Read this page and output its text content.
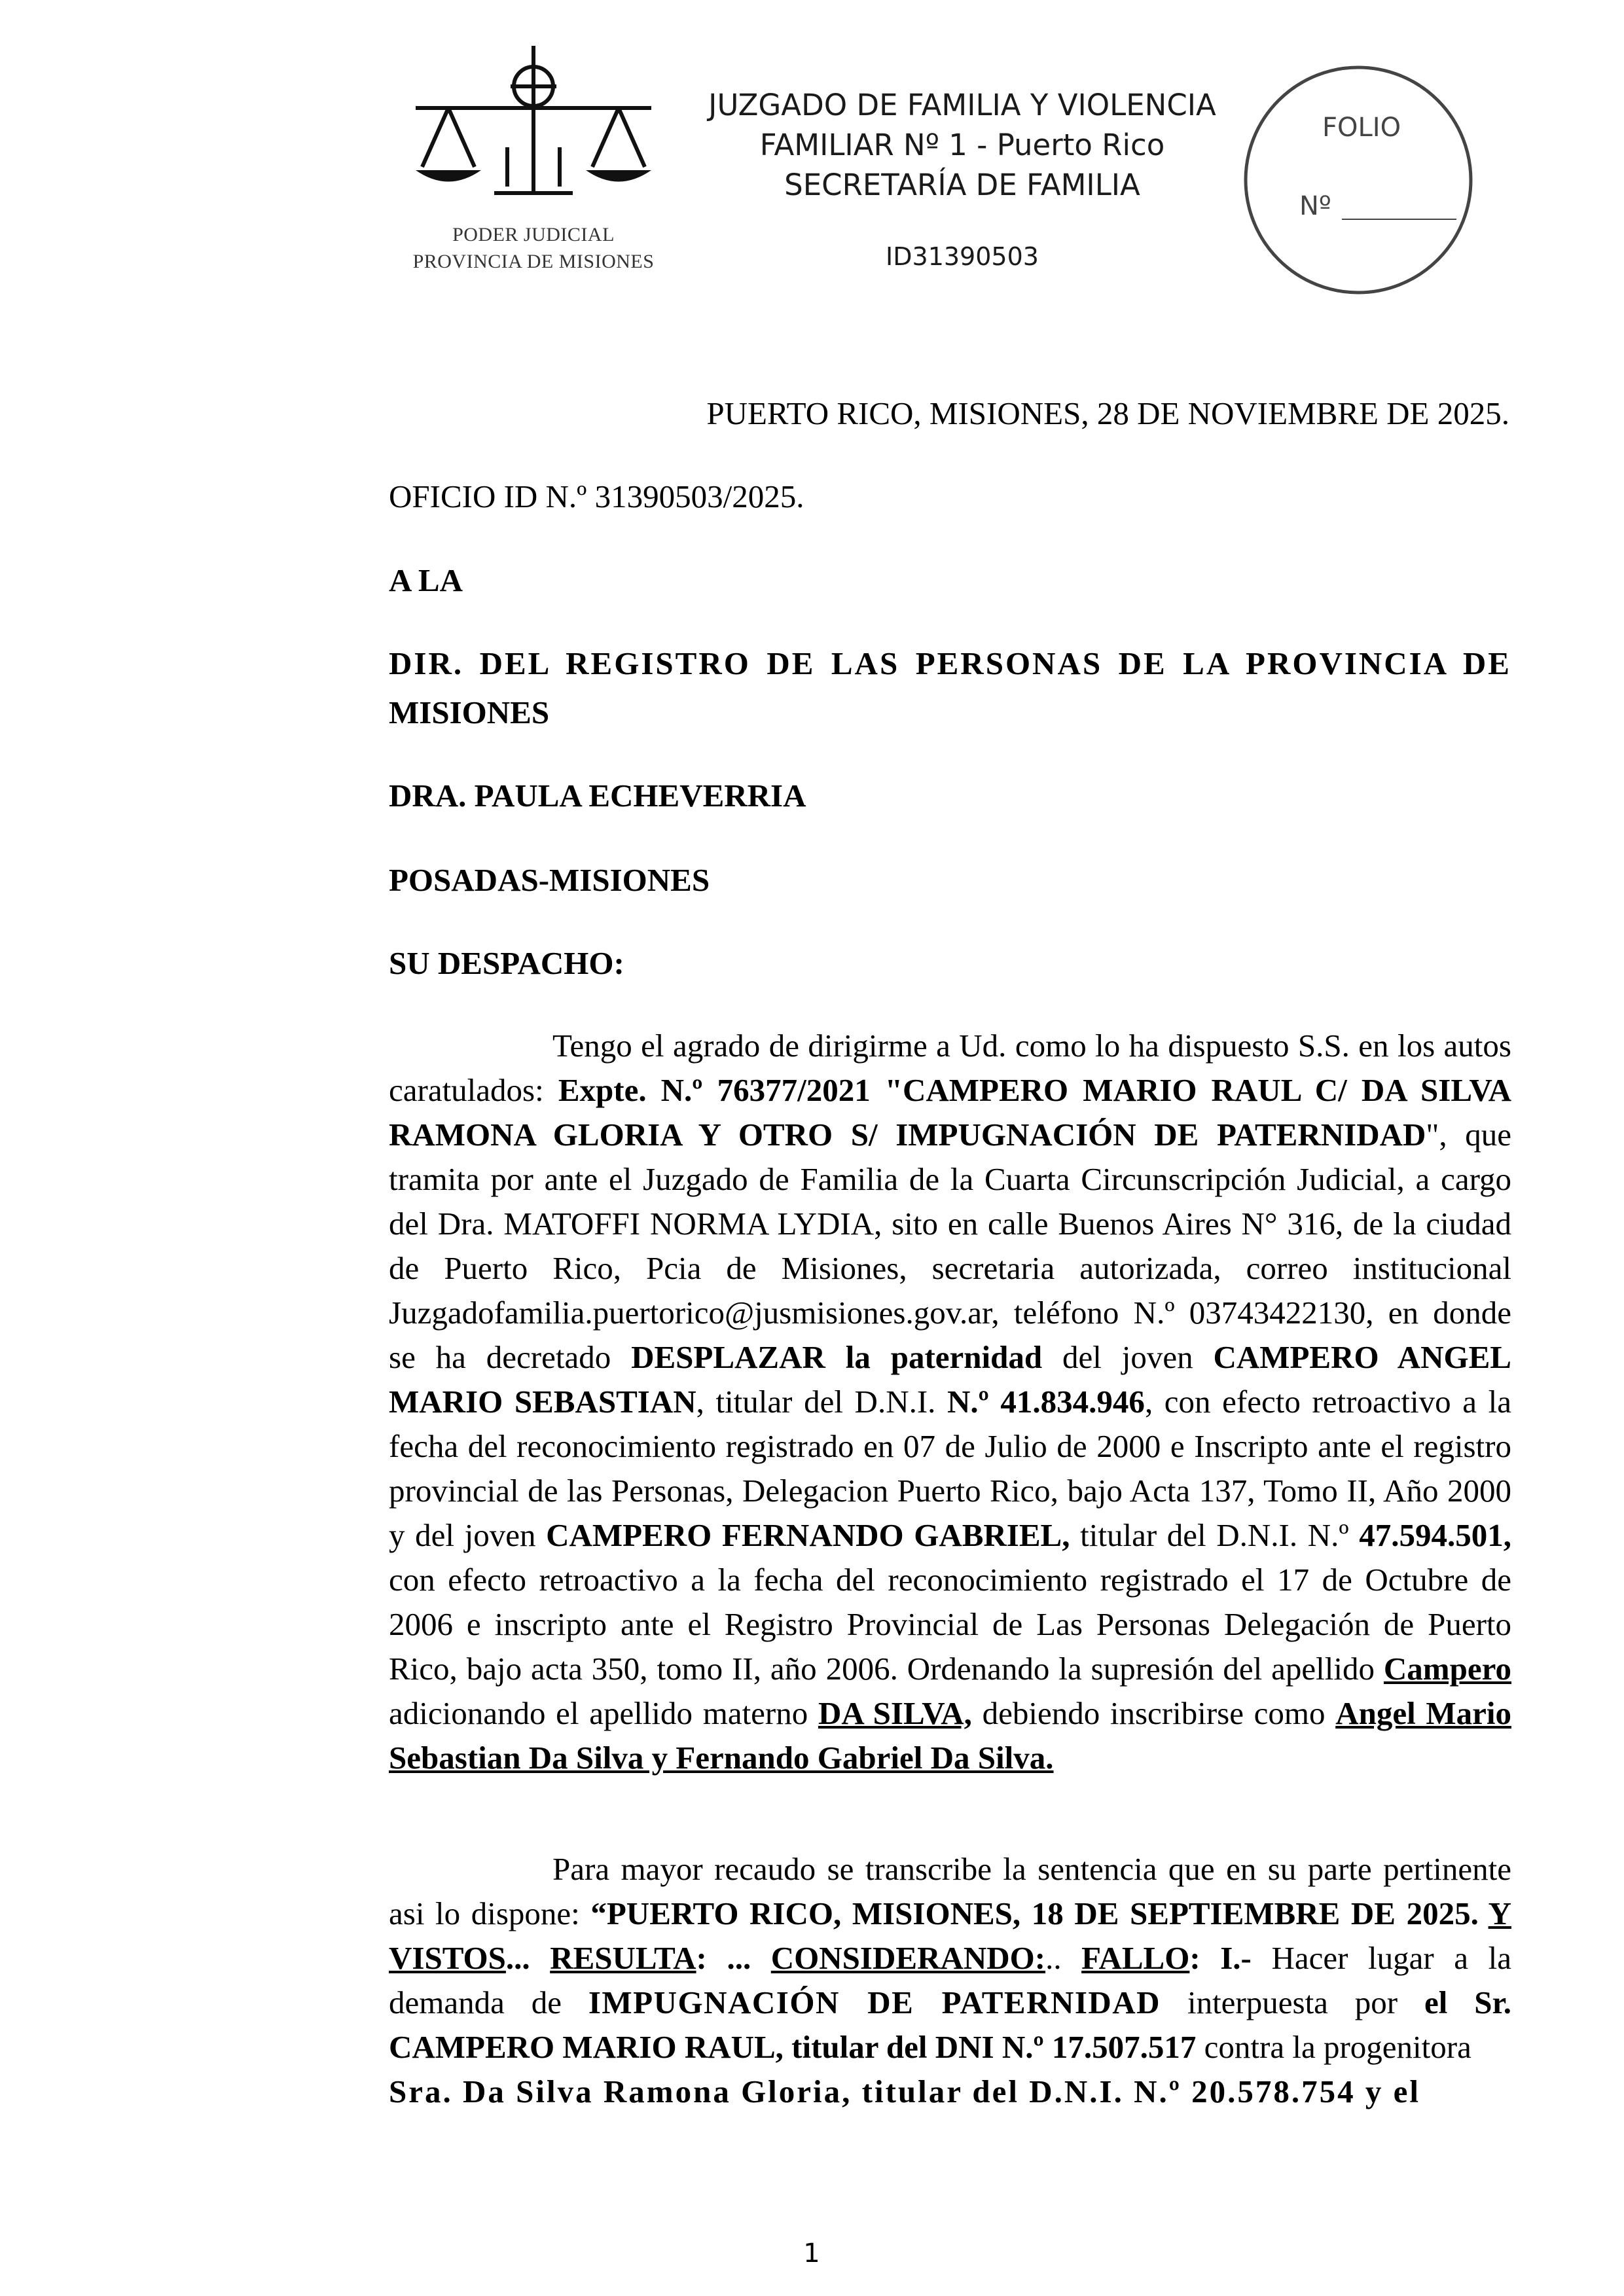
PODER JUDICIAL
PROVINCIA DE MISIONES
JUZGADO DE FAMILIA Y VIOLENCIA
FAMILIAR Nº 1 - Puerto Rico
SECRETARÍA DE FAMILIA
ID31390503
FOLIO
Nº
PUERTO RICO, MISIONES, 28 DE NOVIEMBRE DE 2025.
OFICIO ID N.º 31390503/2025.
A LA
DIR. DEL REGISTRO DE LAS PERSONAS DE LA PROVINCIA DE
MISIONES
DRA. PAULA ECHEVERRIA
POSADAS-MISIONES
SU DESPACHO:
Tengo el agrado de dirigirme a Ud. como lo ha dispuesto S.S. en los autos caratulados: Expte. N.º 76377/2021 "CAMPERO MARIO RAUL C/ DA SILVA RAMONA GLORIA Y OTRO S/ IMPUGNACIÓN DE PATERNIDAD", que tramita por ante el Juzgado de Familia de la Cuarta Circunscripción Judicial, a cargo del Dra. MATOFFI NORMA LYDIA, sito en calle Buenos Aires N° 316, de la ciudad de Puerto Rico, Pcia de Misiones, secretaria autorizada, correo institucional Juzgadofamilia.puertorico@jusmisiones.gov.ar, teléfono N.º 03743422130, en donde se ha decretado DESPLAZAR la paternidad del joven CAMPERO ANGEL MARIO SEBASTIAN, titular del D.N.I. N.º 41.834.946, con efecto retroactivo a la fecha del reconocimiento registrado en 07 de Julio de 2000 e Inscripto ante el registro provincial de las Personas, Delegacion Puerto Rico, bajo Acta 137, Tomo II, Año 2000 y del joven CAMPERO FERNANDO GABRIEL, titular del D.N.I. N.º 47.594.501, con efecto retroactivo a la fecha del reconocimiento registrado el 17 de Octubre de 2006 e inscripto ante el Registro Provincial de Las Personas Delegación de Puerto Rico, bajo acta 350, tomo II, año 2006. Ordenando la supresión del apellido Campero adicionando el apellido materno DA SILVA, debiendo inscribirse como Angel Mario Sebastian Da Silva y Fernando Gabriel Da Silva.
Para mayor recaudo se transcribe la sentencia que en su parte pertinente asi lo dispone: “PUERTO RICO, MISIONES, 18 DE SEPTIEMBRE DE 2025. Y VISTOS... RESULTA: ... CONSIDERANDO:.. FALLO: I.- Hacer lugar a la demanda de IMPUGNACIÓN DE PATERNIDAD interpuesta por el Sr. CAMPERO MARIO RAUL, titular del DNI N.º 17.507.517 contra la progenitora
Sra. Da Silva Ramona Gloria, titular del D.N.I. N.º 20.578.754 y el
1
